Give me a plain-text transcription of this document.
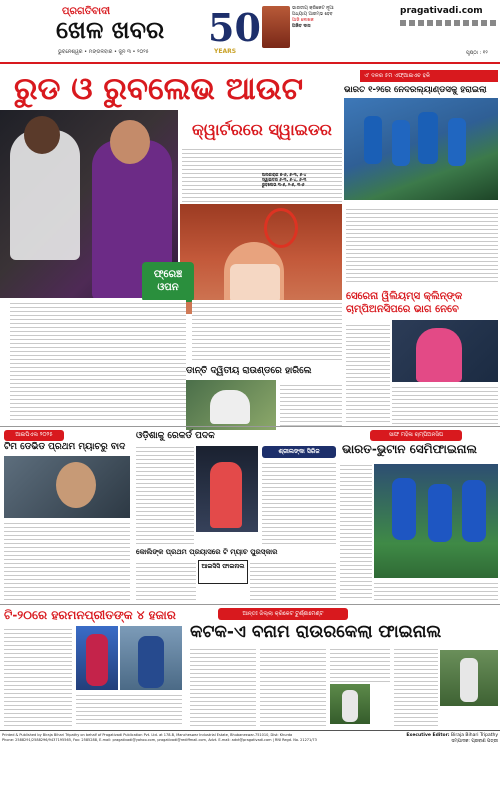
ପ୍ରଗତିବାଦୀ
ଖେଳ ଖବର
ଭୁବନେଶ୍ୱର • ମଙ୍ଗଳବାର • ଜୁନ ୩ • ୨୦୨୫
50
YEARS
ଭାରତୀୟ କ୍ରିକେଟ ନୂଆ
ଅଧ୍ୟାୟ ଆରମ୍ଭ ହେବ
ଆଜି ଲେଖକ
ଅଜିତ ଦାସ
pragativadi.com
ପୃଷ୍ଠା : ୧୨
ରୁଡ ଓ ରୁବଲେଭ ଆଉଟ	ଏ' ଦଳର ୫ମ ଏଫ୍‌ଆଇଏଚ ହକି
ଭାରତ ୧-୨ରେ ନେଦରଲ୍ୟାଣ୍ଡସକୁ ହରାଇଲା
କ୍ୱାର୍ଟରରେ ସ୍ୱାଇଡର
ଅଲକାରାଜ ୭-୬, ୬-୩, ୬-୪
ସ୍ୱାଇଡର ୬-୩, ୬-୪, ୬-୩
ରୁବଲେଭ ୩-୬, ୨-୬, ୩-୬
ଫ୍ରେଞ୍ଚ ଓପନ
ଡାନ୍ତି ଦ୍ୱିତୀୟ ରାଉଣ୍ଡରେ ହାରିଲେ
ସେରେନା ୱିଲିୟମ୍ସ କ୍ଲିନ୍ଙ୍କ
ଚାମ୍ପିଅନସିପରେ ଭାଗ ନେବେ
ଆଇପିଏଲ ୨୦୨୫
ଟିମ ଡେଭିଡ ପ୍ରଥମ ମ୍ୟାଚରୁ ବାଦ
ଓଡ଼ିଶାକୁ ରେକର୍ଡ ପଦକ
ଶ୍ରୀଲଙ୍କା ସିରିଜ
କୋଲିଙ୍କ ପ୍ରଥମ ପ୍ରୟାସରେ ଟି ମ୍ୟାଚ ପୁରସ୍କାର
ଆଇସିସି ଫାଇନାଲ
ସାଫ ମହିଳା ଚାମ୍ପିଅନସିପ
ଭାରତ-ଭୁଟାନ ସେମିଫାଇନାଲ
ଟି-୨୦ରେ ହରମନପ୍ରୀତଙ୍କ ୪ ହଜାର	ଆନ୍ତଃ ଜିଲ୍ଲା କ୍ରିକେଟ ଟୁର୍ଣ୍ଣାମେଣ୍ଟ
କଟକ-ଏ ବନାମ ରାଉରକେଲା ଫାଇନାଲ
Printed & Published by Biraja Bihari Tripathy on behalf of Pragativadi Publication Pvt. Ltd. at 178-B, Mancheswar Industrial Estate, Bhubaneswar-751010, Dist: Khurda
Phone: 2588291/2588296/9437195565, Fax: 2585288, E-mail: pragativadi@yahoo.com, pragativadi@rediffmail.com, Advt. E-mail: advt@pragativadi.com | RNI Regd. No. 21271/73
Executive Editor: Biraja Bihari Tripathy
ସମ୍ପାଦକ: ପ୍ରବୀଣ ପତ୍ରୀ
